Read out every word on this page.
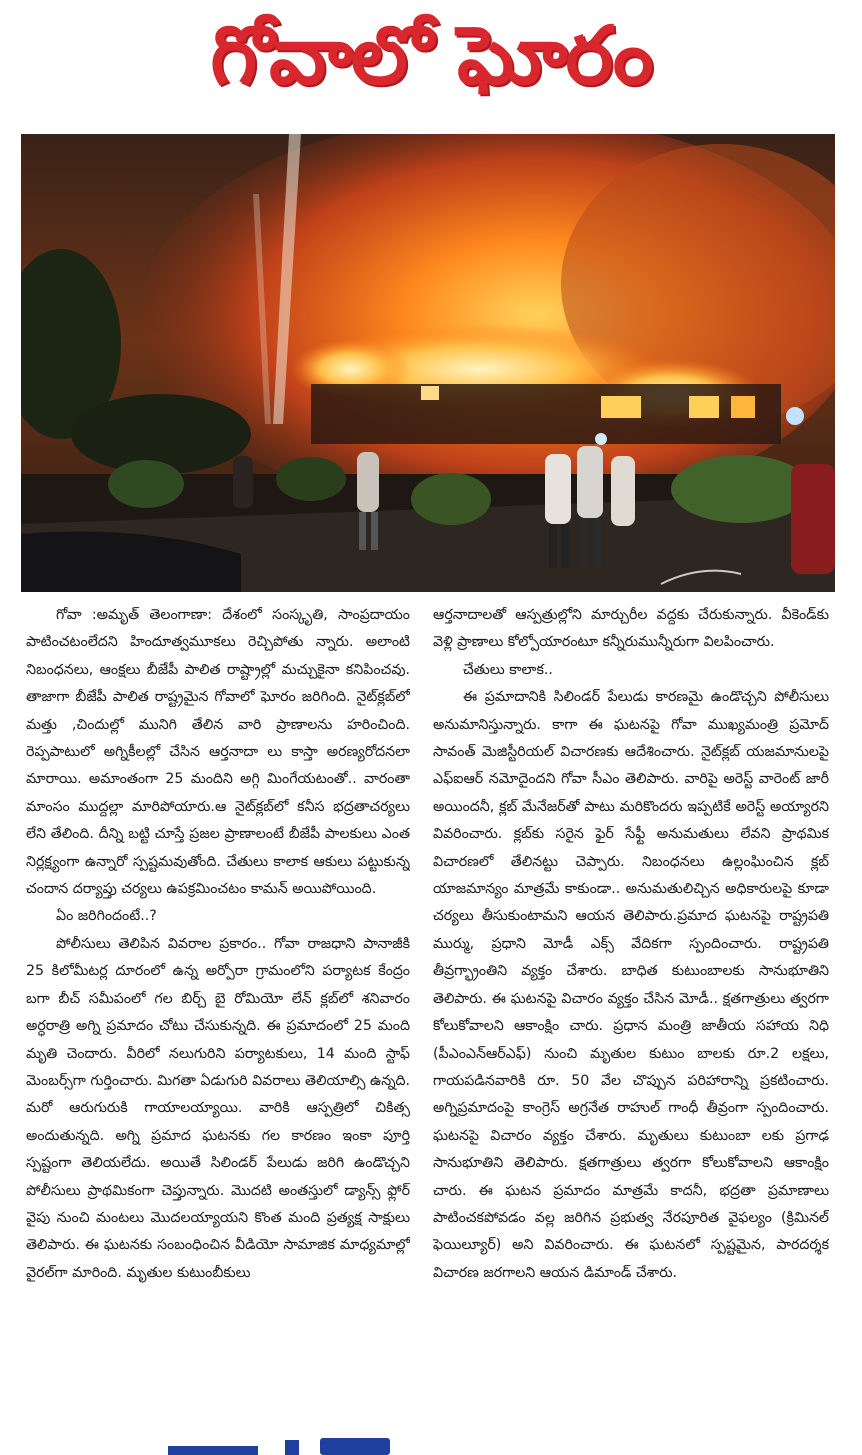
గోవాలో ఘోరం

గోవా :అమృత్ తెలంగాణా: దేశంలో సంస్కృతి, సాంప్రదాయం పాటించటంలేదని హిందూత్వమూకలు రెచ్చిపోతు న్నారు. అలాంటి నిబంధనలు, ఆంక్షలు బీజేపీ పాలిత రాష్ట్రాల్లో మచ్చుకైనా కనిపించవు. తాజాగా బీజేపీ పాలిత రాష్ట్రమైన గోవాలో ఘోరం జరిగింది. నైట్‌క్లబ్‌లో మత్తు ,చిందుల్లో మునిగి తేలిన వారి ప్రాణాలను హరించింది. రెప్పపాటులో అగ్నికీలల్లో చేసిన ఆర్తనాదా లు కాస్తా అరణ్యరోదనలా మారాయి. అమాంతంగా 25 మందిని అగ్గి మింగేయటంతో.. వారంతా మాంసం ముద్దల్లా మారిపోయారు.ఆ నైట్‌క్లబ్‌లో కనీస భద్రతాచర్యలు లేని తేలింది. దీన్ని బట్టి చూస్తే ప్రజల ప్రాణాలంటే బీజేపీ పాలకులు ఎంత నిర్లక్ష్యంగా ఉన్నారో స్పష్టమవుతోంది. చేతులు కాలాక ఆకులు పట్టుకున్న చందాన దర్యాప్తు చర్యలు ఉపక్రమించటం కామన్ అయిపోయింది.

ఏం జరిగిందంటే..?

పోలీసులు తెలిపిన వివరాల ప్రకారం.. గోవా రాజధాని పానాజీకి 25 కిలోమీటర్ల దూరంలో ఉన్న అర్పోరా గ్రామంలోని పర్యాటక కేంద్రం బగా బీచ్ సమీపంలో గల బిర్చ్ బై రోమియో లేన్ క్లబ్‌లో శనివారం అర్ధరాత్రి అగ్ని ప్రమాదం చోటు చేసుకున్నది. ఈ ప్రమాదంలో 25 మంది మృతి చెందారు. వీరిలో నలుగురిని పర్యాటకులు, 14 మంది స్టాఫ్ మెంబర్స్‌గా గుర్తించారు. మిగతా ఏడుగురి వివరాలు తెలియాల్సి ఉన్నది. మరో ఆరుగురుకి గాయాలయ్యాయి. వారికి ఆస్పత్రిలో చికిత్స అందుతున్నది. అగ్ని ప్రమాద ఘటనకు గల కారణం ఇంకా పూర్తి స్పష్టంగా తెలియలేదు. అయితే సిలిండర్ పేలుడు జరిగి ఉండొచ్చని పోలీసులు ప్రాథమికంగా చెప్తున్నారు. మొదటి అంతస్తులో డ్యాన్స్ ఫ్లోర్ వైపు నుంచి మంటలు మొదలయ్యాయని కొంత మంది ప్రత్యక్ష సాక్షులు తెలిపారు. ఈ ఘటనకు సంబంధించిన వీడియో సామాజిక మాధ్యమాల్లో వైరల్‌గా మారింది. మృతుల కుటుంబీకులు

ఆర్తనాదాలతో ఆస్పత్రుల్లోని మార్చురీల వద్దకు చేరుకున్నారు. వీకెండ్‌కు వెళ్లి ప్రాణాలు కోల్పోయారంటూ కన్నీరుమున్నీరుగా విలపించారు.

చేతులు కాలాక..

ఈ ప్రమాదానికి సిలిండర్ పేలుడు కారణమై ఉండొచ్చని పోలీసులు అనుమానిస్తున్నారు. కాగా ఈ ఘటనపై గోవా ముఖ్యమంత్రి ప్రమోద్ సావంత్ మెజిస్టీరియల్ విచారణకు ఆదేశించారు. నైట్‌క్లబ్ యజమానులపై ఎఫ్ఐఆర్ నమోదైందని గోవా సీఎం తెలిపారు. వారిపై అరెస్ట్ వారెంట్ జారీ అయిందనీ, క్లబ్ మేనేజర్‌తో పాటు మరికొందరు ఇప్పటికే అరెస్ట్ అయ్యారని వివరించారు. క్లబ్‌కు సరైన ఫైర్ సేఫ్టీ అనుమతులు లేవని ప్రాథమిక విచారణలో తేలినట్టు చెప్పారు. నిబంధనలు ఉల్లంఘించిన క్లబ్ యాజమాన్యం మాత్రమే కాకుండా.. అనుమతులిచ్చిన అధికారులపై కూడా చర్యలు తీసుకుంటామని ఆయన తెలిపారు.ప్రమాద ఘటనపై రాష్ట్రపతి ముర్ము, ప్రధాని మోడీ ఎక్స్ వేదికగా స్పందించారు. రాష్ట్రపతి తీవ్రగ్భ్రాంతిని వ్యక్తం చేశారు. బాధిత కుటుంబాలకు సానుభూతిని తెలిపారు. ఈ ఘటనపై విచారం వ్యక్తం చేసిన మోడీ.. క్షతగాత్రులు త్వరగా కోలుకోవాలని ఆకాంక్షిం చారు. ప్రధాన మంత్రి జాతీయ సహాయ నిధి (పీఎంఎన్ఆర్ఎఫ్) నుంచి మృతుల కుటుం బాలకు రూ.2 లక్షలు, గాయపడినవారికి రూ. 50 వేల చొప్పున పరిహారాన్ని ప్రకటించారు. అగ్నిప్రమాదంపై కాంగ్రెస్ అగ్రనేత రాహుల్ గాంధీ తీవ్రంగా స్పందించారు. ఘటనపై విచారం వ్యక్తం చేశారు. మృతులు కుటుంబా లకు ప్రగాఢ సానుభూతిని తెలిపారు. క్షతగాత్రులు త్వరగా కోలుకోవాలని ఆకాంక్షిం చారు. ఈ ఘటన ప్రమాదం మాత్రమే కాదనీ, భద్రతా ప్రమాణాలు పాటించకపోవడం వల్ల జరిగిన ప్రభుత్వ నేరపూరిత వైఫల్యం (క్రిమినల్ ఫెయిల్యూర్) అని వివరించారు. ఈ ఘటనలో స్పష్టమైన, పారదర్శక విచారణ జరగాలని ఆయన డిమాండ్ చేశారు.
